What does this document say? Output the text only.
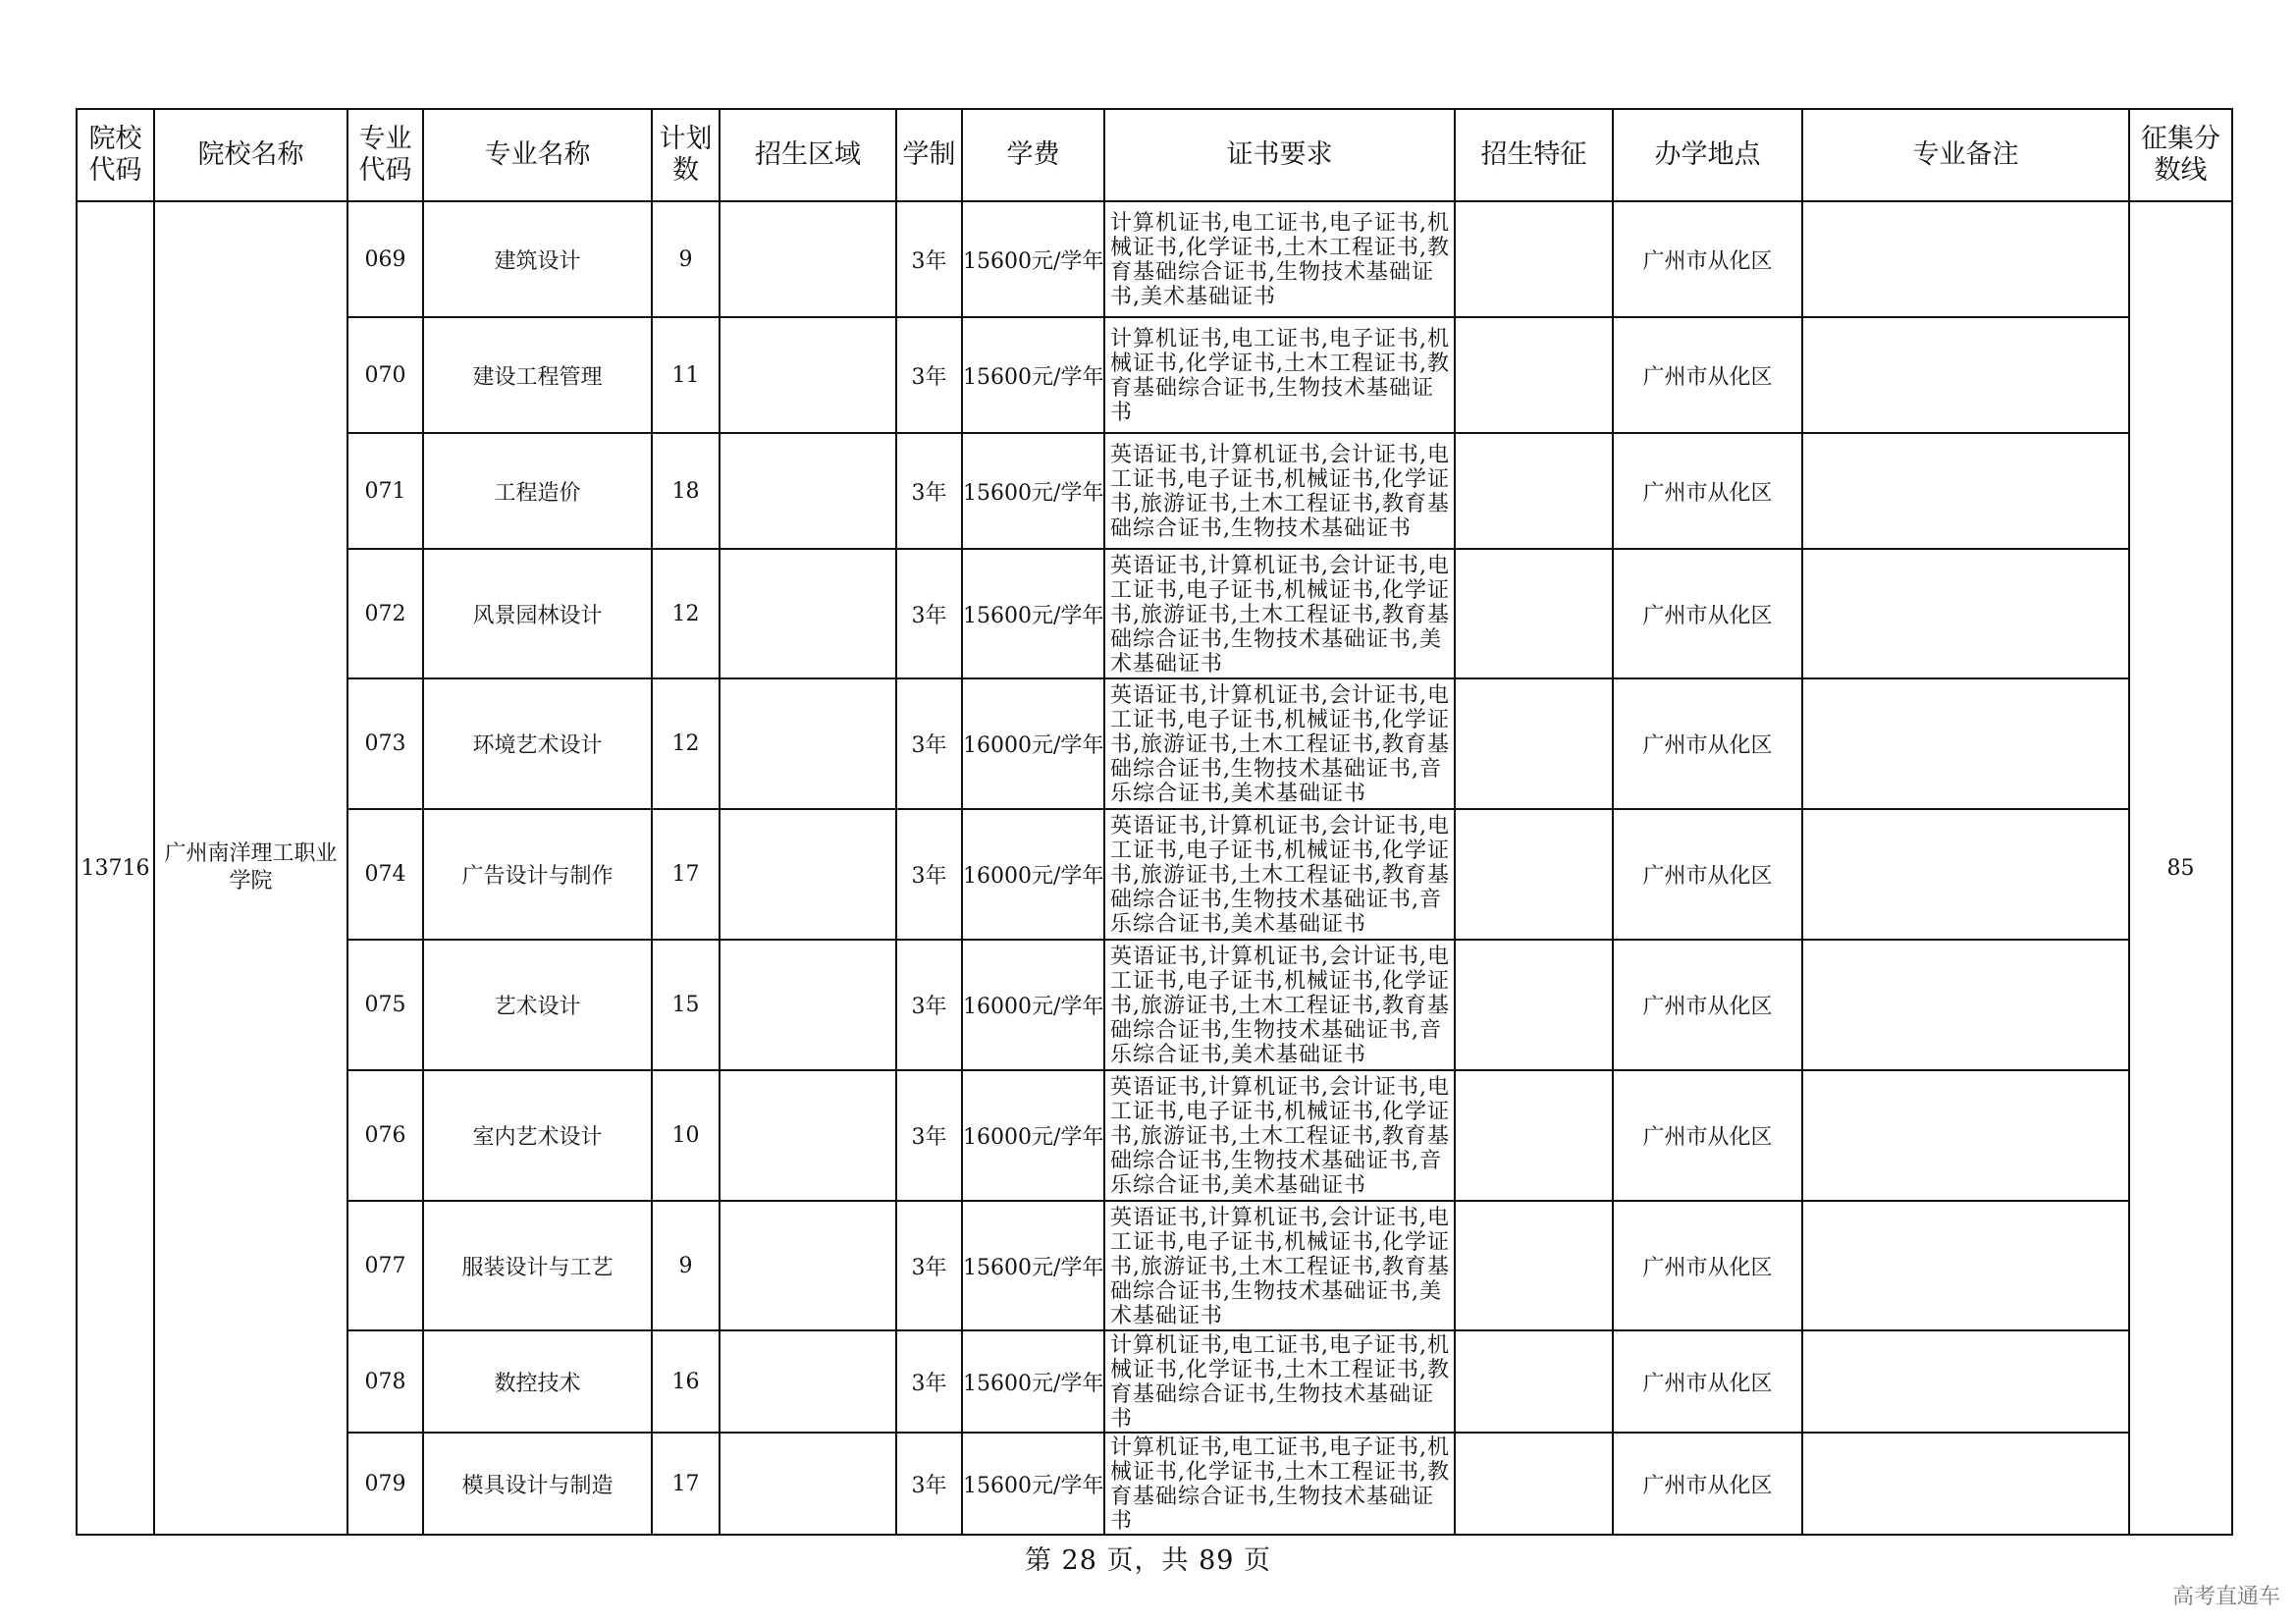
院校代码	院校名称	专业代码	专业名称	计划数	招生区域	学制	学费	证书要求	招生特征	办学地点	专业备注	征集分数线
13716	广州南洋理工职业学院	069	建筑设计	9		3年	15600元/学年	计算机证书,电工证书,电子证书,机械证书,化学证书,土木工程证书,教育基础综合证书,生物技术基础证书,美术基础证书		广州市从化区		85
		070	建设工程管理	11		3年	15600元/学年	计算机证书,电工证书,电子证书,机械证书,化学证书,土木工程证书,教育基础综合证书,生物技术基础证书		广州市从化区		
		071	工程造价	18		3年	15600元/学年	英语证书,计算机证书,会计证书,电工证书,电子证书,机械证书,化学证书,旅游证书,土木工程证书,教育基础综合证书,生物技术基础证书		广州市从化区		
		072	风景园林设计	12		3年	15600元/学年	英语证书,计算机证书,会计证书,电工证书,电子证书,机械证书,化学证书,旅游证书,土木工程证书,教育基础综合证书,生物技术基础证书,美术基础证书		广州市从化区		
		073	环境艺术设计	12		3年	16000元/学年	英语证书,计算机证书,会计证书,电工证书,电子证书,机械证书,化学证书,旅游证书,土木工程证书,教育基础综合证书,生物技术基础证书,音乐综合证书,美术基础证书		广州市从化区		
		074	广告设计与制作	17		3年	16000元/学年	英语证书,计算机证书,会计证书,电工证书,电子证书,机械证书,化学证书,旅游证书,土木工程证书,教育基础综合证书,生物技术基础证书,音乐综合证书,美术基础证书		广州市从化区		
		075	艺术设计	15		3年	16000元/学年	英语证书,计算机证书,会计证书,电工证书,电子证书,机械证书,化学证书,旅游证书,土木工程证书,教育基础综合证书,生物技术基础证书,音乐综合证书,美术基础证书		广州市从化区		
		076	室内艺术设计	10		3年	16000元/学年	英语证书,计算机证书,会计证书,电工证书,电子证书,机械证书,化学证书,旅游证书,土木工程证书,教育基础综合证书,生物技术基础证书,音乐综合证书,美术基础证书		广州市从化区		
		077	服装设计与工艺	9		3年	15600元/学年	英语证书,计算机证书,会计证书,电工证书,电子证书,机械证书,化学证书,旅游证书,土木工程证书,教育基础综合证书,生物技术基础证书,美术基础证书		广州市从化区		
		078	数控技术	16		3年	15600元/学年	计算机证书,电工证书,电子证书,机械证书,化学证书,土木工程证书,教育基础综合证书,生物技术基础证书		广州市从化区		
		079	模具设计与制造	17		3年	15600元/学年	计算机证书,电工证书,电子证书,机械证书,化学证书,土木工程证书,教育基础综合证书,生物技术基础证书		广州市从化区		
第 28 页，共 89 页
高考直通车
